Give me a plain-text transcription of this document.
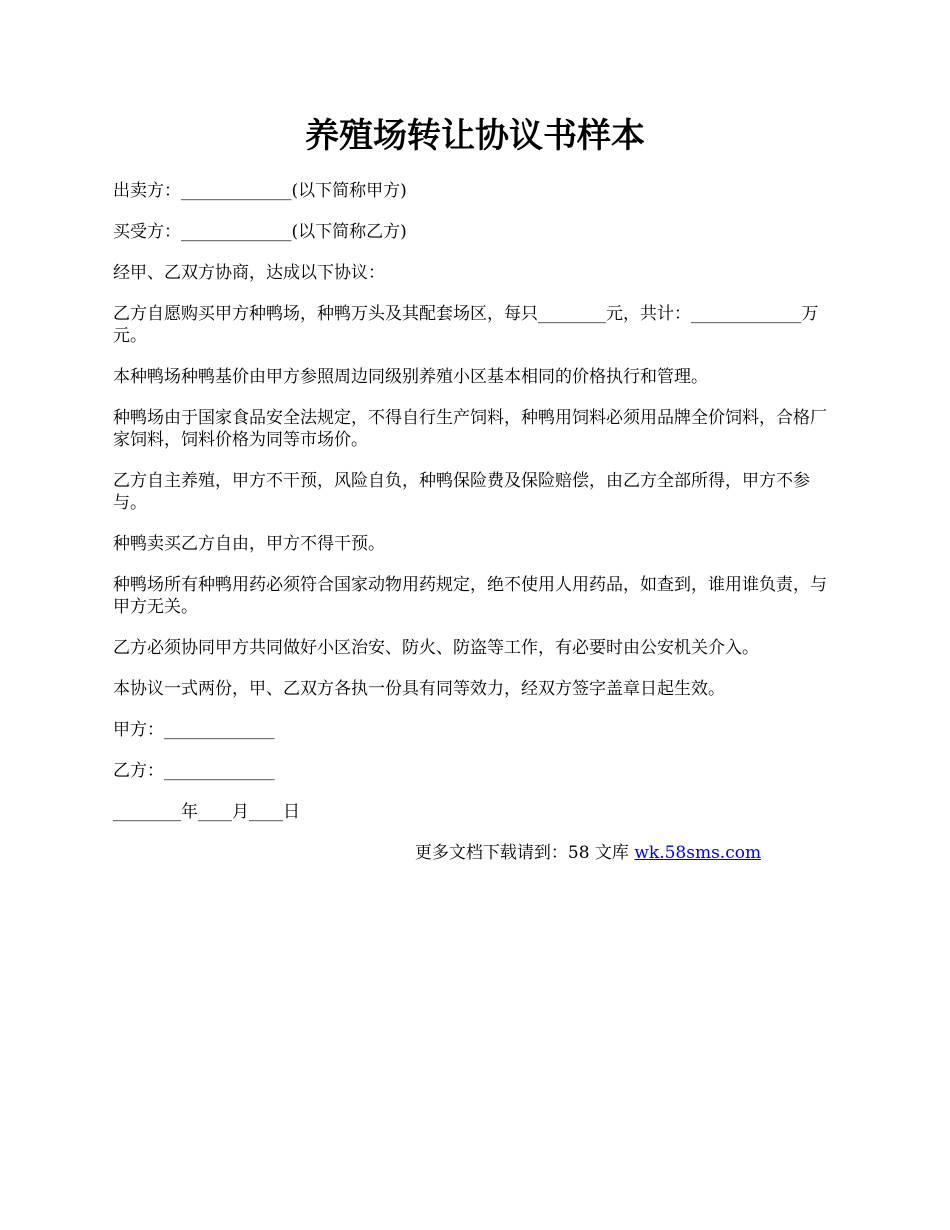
养殖场转让协议书样本

出卖方：_____________(以下简称甲方)

买受方：_____________(以下简称乙方)

经甲、乙双方协商，达成以下协议：

乙方自愿购买甲方种鸭场，种鸭万头及其配套场区，每只________元，共计：_____________万元。

本种鸭场种鸭基价由甲方参照周边同级别养殖小区基本相同的价格执行和管理。

种鸭场由于国家食品安全法规定，不得自行生产饲料，种鸭用饲料必须用品牌全价饲料，合格厂家饲料，饲料价格为同等市场价。

乙方自主养殖，甲方不干预，风险自负，种鸭保险费及保险赔偿，由乙方全部所得，甲方不参与。

种鸭卖买乙方自由，甲方不得干预。

种鸭场所有种鸭用药必须符合国家动物用药规定，绝不使用人用药品，如查到，谁用谁负责，与甲方无关。

乙方必须协同甲方共同做好小区治安、防火、防盗等工作，有必要时由公安机关介入。

本协议一式两份，甲、乙双方各执一份具有同等效力，经双方签字盖章日起生效。

甲方：_____________

乙方：_____________

________年____月____日

更多文档下载请到：58 文库 wk.58sms.com
